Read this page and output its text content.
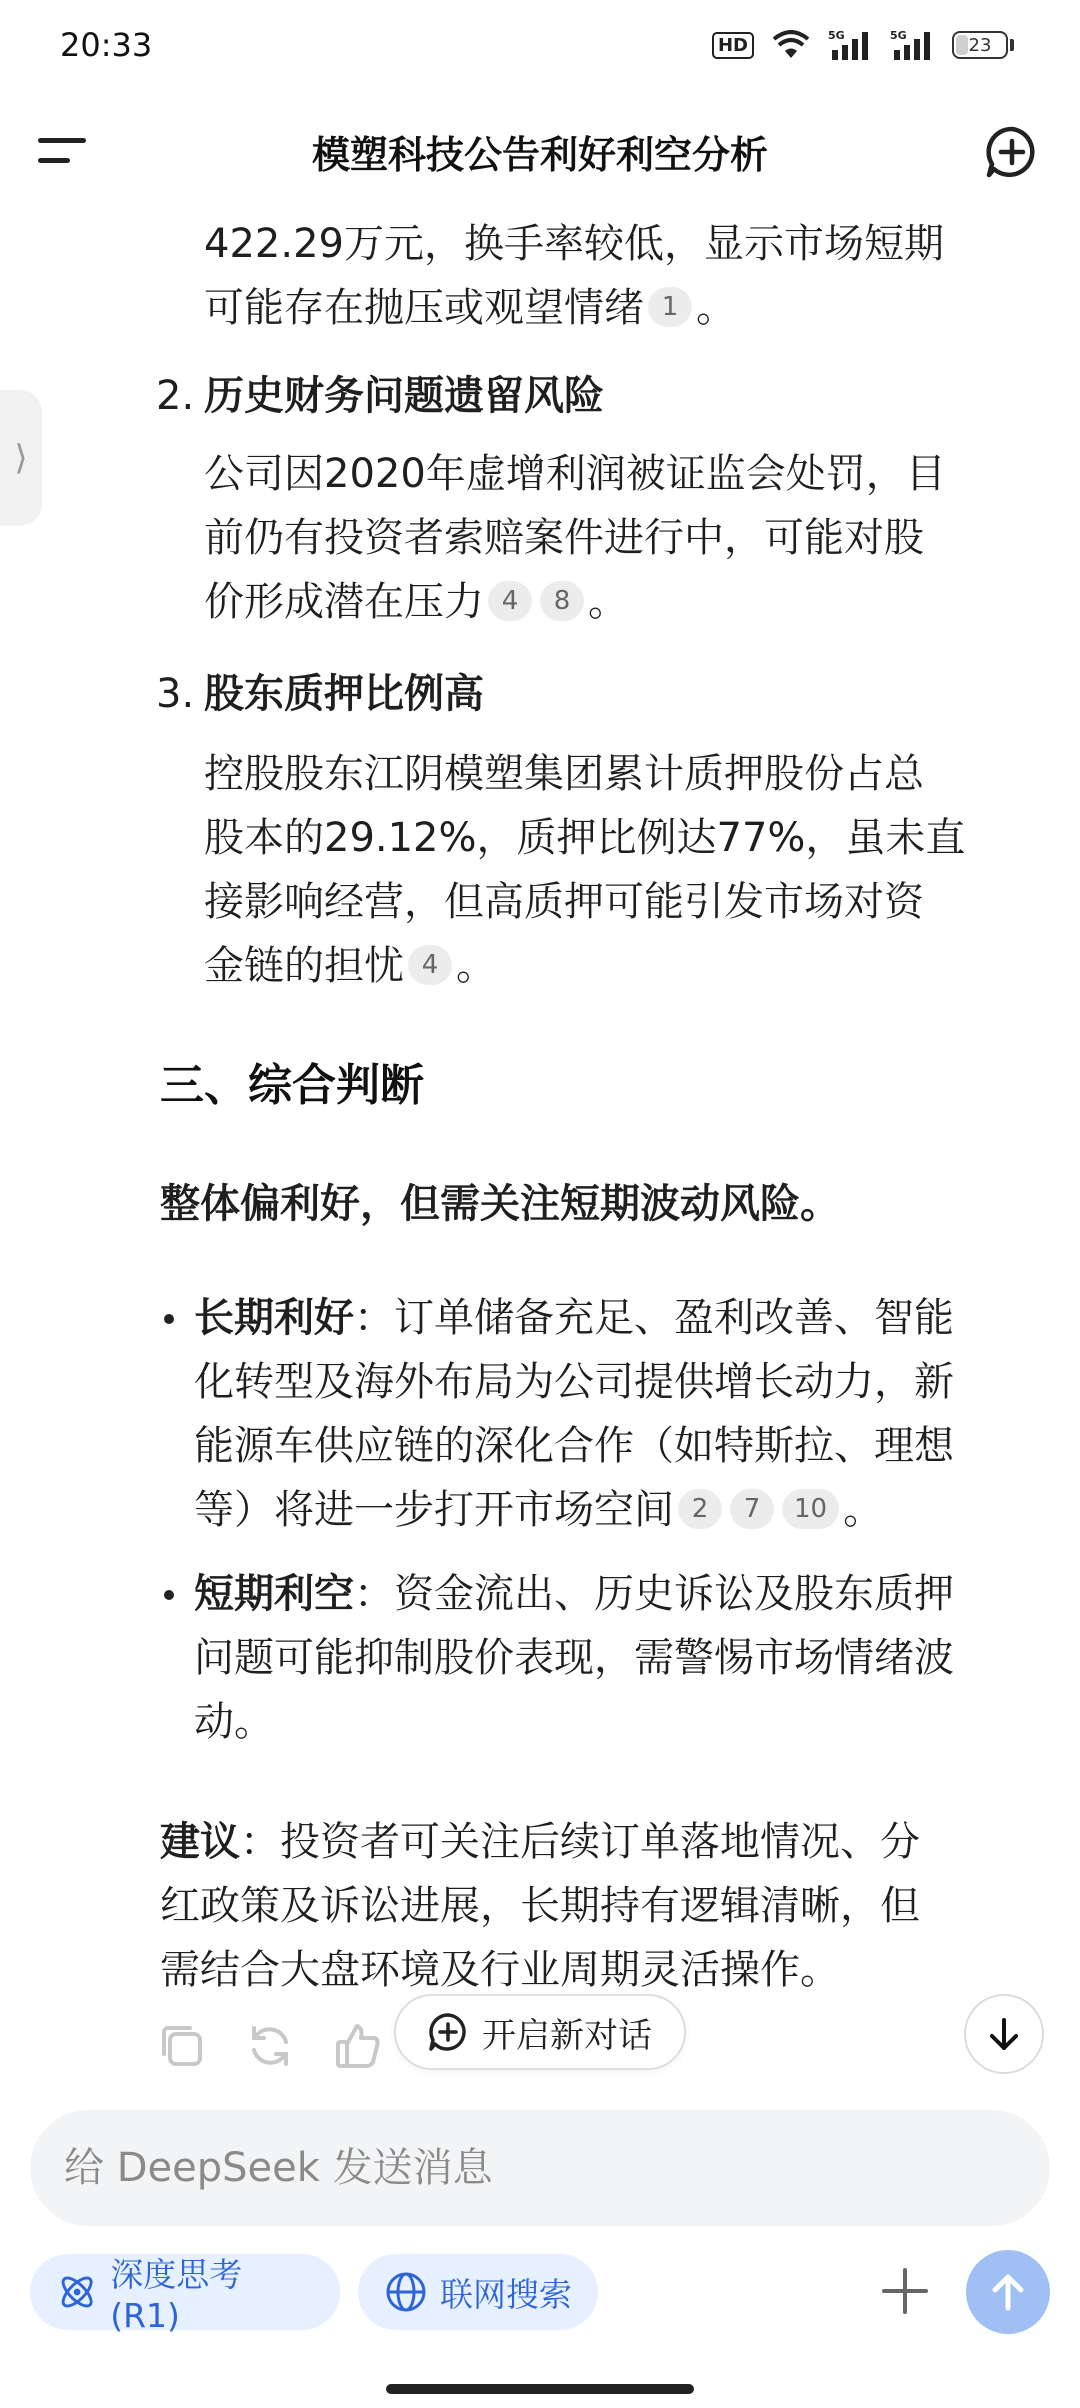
20:33	HD	5G	5G	23
模塑科技公告利好利空分析
⟩
422.29万元，换手率较低，显示市场短期
可能存在抛压或观望情绪 1 。
2. 历史财务问题遗留风险
公司因2020年虚增利润被证监会处罚，目
前仍有投资者索赔案件进行中，可能对股
价形成潜在压力 4 8 。
3. 股东质押比例高
控股股东江阴模塑集团累计质押股份占总
股本的29.12%，质押比例达77%，虽未直
接影响经营，但高质押可能引发市场对资
金链的担忧 4 。
三、综合判断
整体偏利好，但需关注短期波动风险。
长期利好：订单储备充足、盈利改善、智能
化转型及海外布局为公司提供增长动力，新
能源车供应链的深化合作（如特斯拉、理想
等）将进一步打开市场空间 2 7 10 。
短期利空：资金流出、历史诉讼及股东质押
问题可能抑制股价表现，需警惕市场情绪波
动。
建议：投资者可关注后续订单落地情况、分
红政策及诉讼进展，长期持有逻辑清晰，但
需结合大盘环境及行业周期灵活操作。
开启新对话
给 DeepSeek 发送消息
深度思考 (R1)
联网搜索
